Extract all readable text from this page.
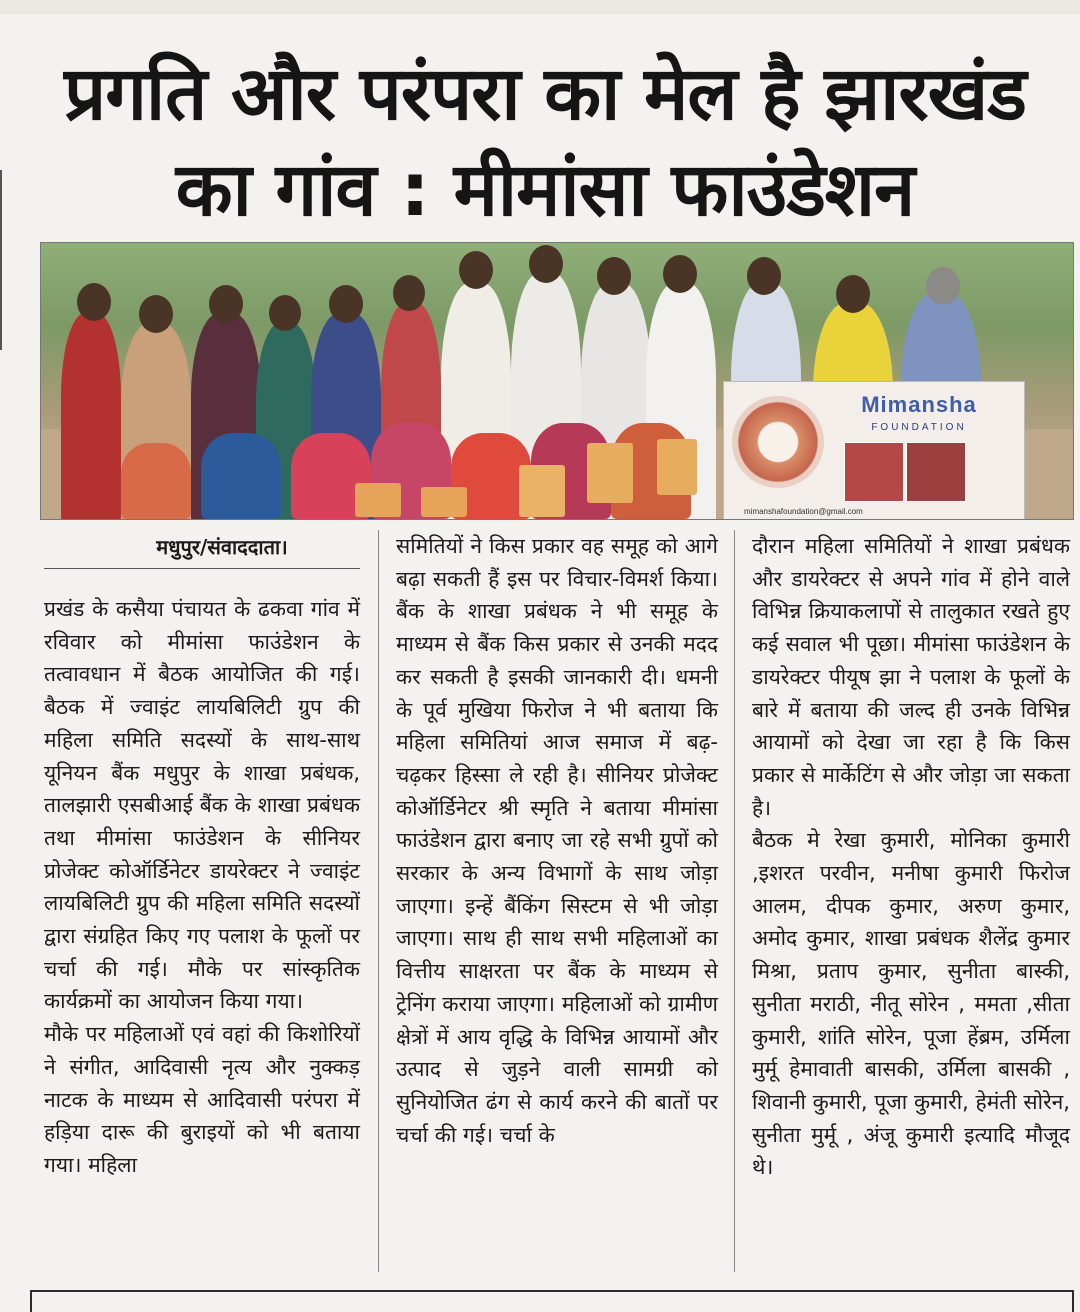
प्रगति और परंपरा का मेल है झारखंड
का गांव : मीमांसा फाउंडेशन
Mimansha
FOUNDATION
mimanshafoundation@gmail.com
मधुपुर/संवाददाता।

प्रखंड के कसैया पंचायत के ढकवा गांव में रविवार को मीमांसा फाउंडेशन के तत्वावधान में बैठक आयोजित की गई। बैठक में ज्वाइंट लायबिलिटी ग्रुप की महिला समिति सदस्यों के साथ-साथ यूनियन बैंक मधुपुर के शाखा प्रबंधक, तालझारी एसबीआई बैंक के शाखा प्रबंधक तथा मीमांसा फाउंडेशन के सीनियर प्रोजेक्ट कोऑर्डिनेटर डायरेक्टर ने ज्वाइंट लायबिलिटी ग्रुप की महिला समिति सदस्यों द्वारा संग्रहित किए गए पलाश के फूलों पर चर्चा की गई। मौके पर सांस्कृतिक कार्यक्रमों का आयोजन किया गया।

मौके पर महिलाओं एवं वहां की किशोरियों ने संगीत, आदिवासी नृत्य और नुक्कड़ नाटक के माध्यम से आदिवासी परंपरा में हड़िया दारू की बुराइयों को भी बताया गया। महिला

समितियों ने किस प्रकार वह समूह को आगे बढ़ा सकती हैं इस पर विचार-विमर्श किया। बैंक के शाखा प्रबंधक ने भी समूह के माध्यम से बैंक किस प्रकार से उनकी मदद कर सकती है इसकी जानकारी दी। धमनी के पूर्व मुखिया फिरोज ने भी बताया कि महिला समितियां आज समाज में बढ़-चढ़कर हिस्सा ले रही है। सीनियर प्रोजेक्ट कोऑर्डिनेटर श्री स्मृति ने बताया मीमांसा फाउंडेशन द्वारा बनाए जा रहे सभी ग्रुपों को सरकार के अन्य विभागों के साथ जोड़ा जाएगा। इन्हें बैंकिंग सिस्टम से भी जोड़ा जाएगा। साथ ही साथ सभी महिलाओं का वित्तीय साक्षरता पर बैंक के माध्यम से ट्रेनिंग कराया जाएगा। महिलाओं को ग्रामीण क्षेत्रों में आय वृद्धि के विभिन्न आयामों और उत्पाद से जुड़ने वाली सामग्री को सुनियोजित ढंग से कार्य करने की बातों पर चर्चा की गई। चर्चा के

दौरान महिला समितियों ने शाखा प्रबंधक और डायरेक्टर से अपने गांव में होने वाले विभिन्न क्रियाकलापों से तालुकात रखते हुए कई सवाल भी पूछा। मीमांसा फाउंडेशन के डायरेक्टर पीयूष झा ने पलाश के फूलों के बारे में बताया की जल्द ही उनके विभिन्न आयामों को देखा जा रहा है कि किस प्रकार से मार्केटिंग से और जोड़ा जा सकता है।

बैठक मे रेखा कुमारी, मोनिका कुमारी ,इशरत परवीन, मनीषा कुमारी फिरोज आलम, दीपक कुमार, अरुण कुमार, अमोद कुमार, शाखा प्रबंधक शैलेंद्र कुमार मिश्रा, प्रताप कुमार, सुनीता बास्की, सुनीता मराठी, नीतू सोरेन , ममता ,सीता कुमारी, शांति सोरेन, पूजा हेंब्रम, उर्मिला मुर्मू हेमावाती बासकी, उर्मिला बासकी , शिवानी कुमारी, पूजा कुमारी, हेमंती सोरेन, सुनीता मुर्मू , अंजू कुमारी इत्यादि मौजूद थे।
